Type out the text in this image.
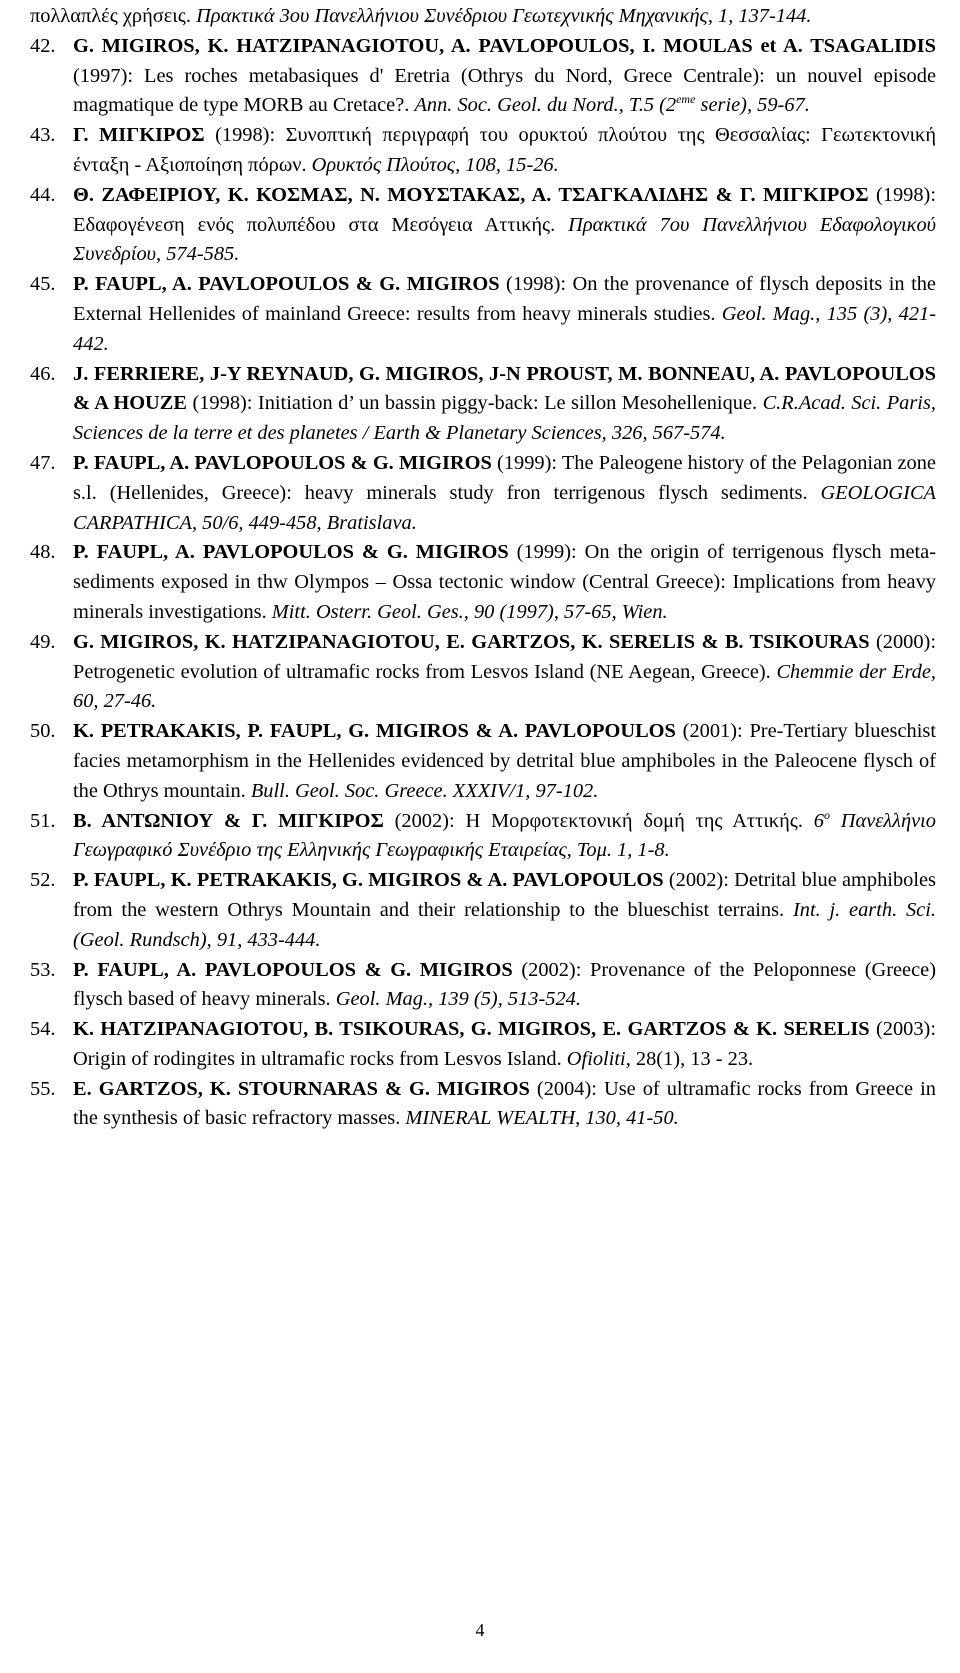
πολλαπλές χρήσεις. Πρακτικά 3ου Πανελλήνιου Συνέδριου Γεωτεχνικής Μηχανικής, 1, 137-144.

42. G. MIGIROS, K. HATZIPANAGIOTOU, A. PAVLOPOULOS, I. MOULAS et A. TSAGALIDIS (1997): Les roches metabasiques d' Eretria (Othrys du Nord, Grece Centrale): un nouvel episode magmatique de type MORB au Cretace?. Ann. Soc. Geol. du Nord., T.5 (2eme serie), 59-67.

43. Γ. ΜΙΓΚΙΡΟΣ (1998): Συνοπτική περιγραφή του ορυκτού πλούτου της Θεσσαλίας: Γεωτεκτονική ένταξη - Αξιοποίηση πόρων. Ορυκτός Πλούτος, 108, 15-26.

44. Θ. ΖΑΦΕΙΡΙΟΥ, Κ. ΚΟΣΜΑΣ, Ν. ΜΟΥΣΤΑΚΑΣ, Α. ΤΣΑΓΚΑΛΙΔΗΣ & Γ. ΜΙΓΚΙΡΟΣ (1998): Εδαφογένεση ενός πολυπέδου στα Μεσόγεια Αττικής. Πρακτικά 7ου Πανελλήνιου Εδαφολογικού Συνεδρίου, 574-585.

45. P. FAUPL, A. PAVLOPOULOS & G. MIGIROS (1998): On the provenance of flysch deposits in the External Hellenides of mainland Greece: results from heavy minerals studies. Geol. Mag., 135 (3), 421-442.

46. J. FERRIERE, J-Y REYNAUD, G. MIGIROS, J-N PROUST, M. BONNEAU, A. PAVLOPOULOS & A HOUZE (1998): Initiation d’ un bassin piggy-back: Le sillon Mesohellenique. C.R.Acad. Sci. Paris, Sciences de la terre et des planetes / Earth & Planetary Sciences, 326, 567-574.

47. P. FAUPL, A. PAVLOPOULOS & G. MIGIROS (1999): The Paleogene history of the Pelagonian zone s.l. (Hellenides, Greece): heavy minerals study fron terrigenous flysch sediments. GEOLOGICA CARPATHICA, 50/6, 449-458, Bratislava.

48. P. FAUPL, A. PAVLOPOULOS & G. MIGIROS (1999): On the origin of terrigenous flysch meta- sediments exposed in thw Olympos – Ossa tectonic window (Central Greece): Implications from heavy minerals investigations. Mitt. Osterr. Geol. Ges., 90 (1997), 57-65, Wien.

49. G. MIGIROS, K. HATZIPANAGIOTOU, E. GARTZOS, K. SERELIS & B. TSIKOURAS (2000): Petrogenetic evolution of ultramafic rocks from Lesvos Island (NE Aegean, Greece). Chemmie der Erde, 60, 27-46.

50. K. PETRAKAKIS, P. FAUPL, G. MIGIROS & A. PAVLOPOULOS (2001): Pre-Tertiary blueschist facies metamorphism in the Hellenides evidenced by detrital blue amphiboles in the Paleocene flysch of the Othrys mountain. Bull. Geol. Soc. Greece. XXXIV/1, 97-102.

51. Β. ΑΝΤΩΝΙΟΥ & Γ. ΜΙΓΚΙΡΟΣ (2002): Η Μορφοτεκτονική δομή της Αττικής. $6^o$ Πανελλήνιο Γεωγραφικό Συνέδριο της Ελληνικής Γεωγραφικής Εταιρείας, Τομ. 1, 1-8.

52. P. FAUPL, K. PETRAKAKIS, G. MIGIROS & A. PAVLOPOULOS (2002): Detrital blue amphiboles from the western Othrys Mountain and their relationship to the blueschist terrains. Int. j. earth. Sci. (Geol. Rundsch), 91, 433-444.

53. P. FAUPL, A. PAVLOPOULOS & G. MIGIROS (2002): Provenance of the Peloponnese (Greece) flysch based of heavy minerals. Geol. Mag., 139 (5), 513-524.

54. K. HATZIPANAGIOTOU, B. TSIKOURAS, G. MIGIROS, E. GARTZOS & K. SERELIS (2003): Origin of rodingites in ultramafic rocks from Lesvos Island. Ofioliti, 28(1), 13 - 23.

55. E. GARTZOS, K. STOURNARAS & G. MIGIROS (2004): Use of ultramafic rocks from Greece in the synthesis of basic refractory masses. MINERAL WEALTH, 130, 41-50.

4
